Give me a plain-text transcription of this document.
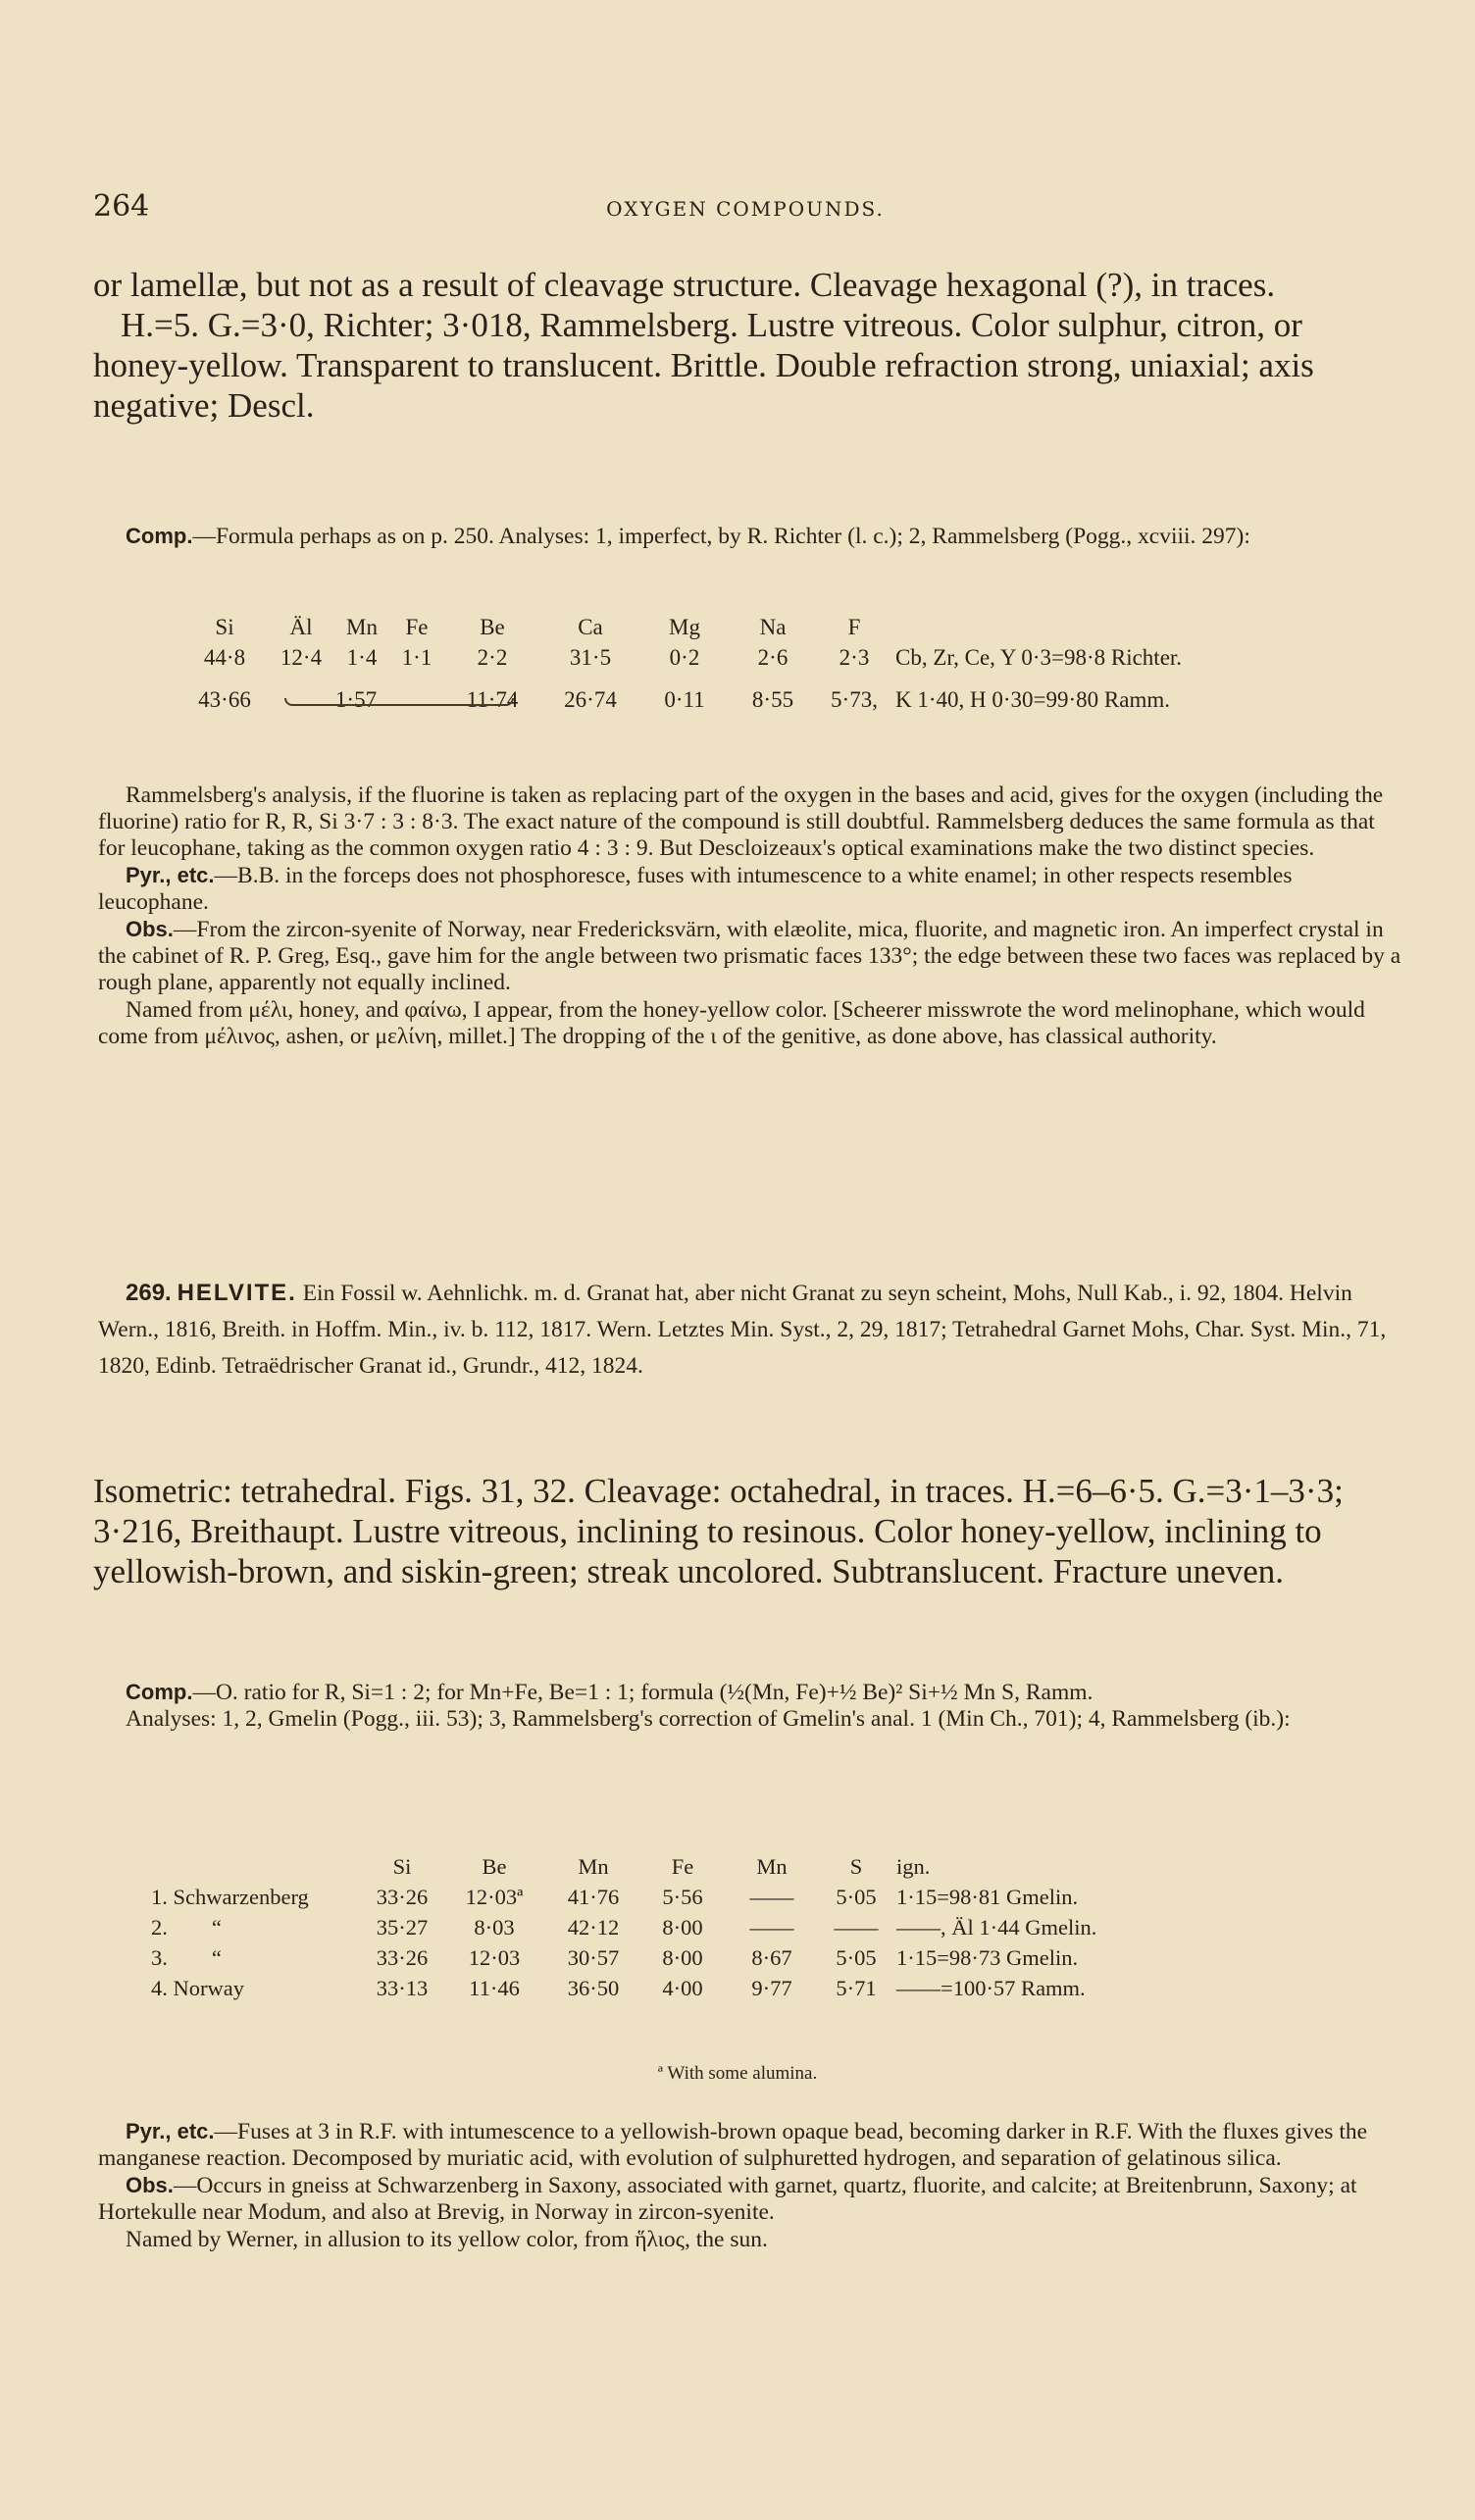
264	OXYGEN COMPOUNDS.
or lamellæ, but not as a result of cleavage structure. Cleavage hexagonal (?), in traces.
H.=5. G.=3·0, Richter; 3·018, Rammelsberg. Lustre vitreous. Color sulphur, citron, or honey-yellow. Transparent to translucent. Brittle. Double refraction strong, uniaxial; axis negative; Descl.

Comp.—Formula perhaps as on p. 250. Analyses: 1, imperfect, by R. Richter (l. c.); 2, Rammelsberg (Pogg., xcviii. 297):

Si	Äl	Mn	Fe	Be	Ca	Mg	Na	F	
44·8	12·4	1·4	1·1	2·2	31·5	0·2	2·6	2·3	Cb, Zr, Ce, Y 0·3=98·8 Richter.

43·66	1·57			11·74	26·74	0·11	8·55	5·73,	K 1·40, H 0·30=99·80 Ramm.

Rammelsberg's analysis, if the fluorine is taken as replacing part of the oxygen in the bases and acid, gives for the oxygen (including the fluorine) ratio for R, R, Si 3·7 : 3 : 8·3. The exact nature of the compound is still doubtful. Rammelsberg deduces the same formula as that for leucophane, taking as the common oxygen ratio 4 : 3 : 9. But Descloizeaux's optical examinations make the two distinct species.

Pyr., etc.—B.B. in the forceps does not phosphoresce, fuses with intumescence to a white enamel; in other respects resembles leucophane.

Obs.—From the zircon-syenite of Norway, near Fredericksvärn, with elæolite, mica, fluorite, and magnetic iron. An imperfect crystal in the cabinet of R. P. Greg, Esq., gave him for the angle between two prismatic faces 133°; the edge between these two faces was replaced by a rough plane, apparently not equally inclined.

Named from μέλι, honey, and φαίνω, I appear, from the honey-yellow color. [Scheerer misswrote the word melinophane, which would come from μέλινος, ashen, or μελίνη, millet.] The dropping of the ι of the genitive, as done above, has classical authority.

269. HELVITE. Ein Fossil w. Aehnlichk. m. d. Granat hat, aber nicht Granat zu seyn scheint, Mohs, Null Kab., i. 92, 1804. Helvin Wern., 1816, Breith. in Hoffm. Min., iv. b. 112, 1817. Wern. Letztes Min. Syst., 2, 29, 1817; Tetrahedral Garnet Mohs, Char. Syst. Min., 71, 1820, Edinb. Tetraëdrischer Granat id., Grundr., 412, 1824.

Isometric: tetrahedral. Figs. 31, 32. Cleavage: octahedral, in traces. H.=6–6·5. G.=3·1–3·3; 3·216, Breithaupt. Lustre vitreous, inclining to resinous. Color honey-yellow, inclining to yellowish-brown, and siskin-green; streak uncolored. Subtranslucent. Fracture uneven.

Comp.—O. ratio for R, Si=1 : 2; for Mn+Fe, Be=1 : 1; formula (½(Mn, Fe)+½ Be)² Si+½ Mn S, Ramm.

Analyses: 1, 2, Gmelin (Pogg., iii. 53); 3, Rammelsberg's correction of Gmelin's anal. 1 (Min Ch., 701); 4, Rammelsberg (ib.):

	Si	Be	Mn	Fe	Mn	S	ign.
1. Schwarzenberg	33·26	12·03ª	41·76	5·56	——	5·05	1·15=98·81 Gmelin.
2.        “	35·27	8·03	42·12	8·00	——	——	——, Äl 1·44 Gmelin.
3.        “	33·26	12·03	30·57	8·00	8·67	5·05	1·15=98·73 Gmelin.
4. Norway	33·13	11·46	36·50	4·00	9·77	5·71	——=100·57 Ramm.
ª With some alumina.

Pyr., etc.—Fuses at 3 in R.F. with intumescence to a yellowish-brown opaque bead, becoming darker in R.F. With the fluxes gives the manganese reaction. Decomposed by muriatic acid, with evolution of sulphuretted hydrogen, and separation of gelatinous silica.

Obs.—Occurs in gneiss at Schwarzenberg in Saxony, associated with garnet, quartz, fluorite, and calcite; at Breitenbrunn, Saxony; at Hortekulle near Modum, and also at Brevig, in Norway in zircon-syenite.

Named by Werner, in allusion to its yellow color, from ἥλιος, the sun.
